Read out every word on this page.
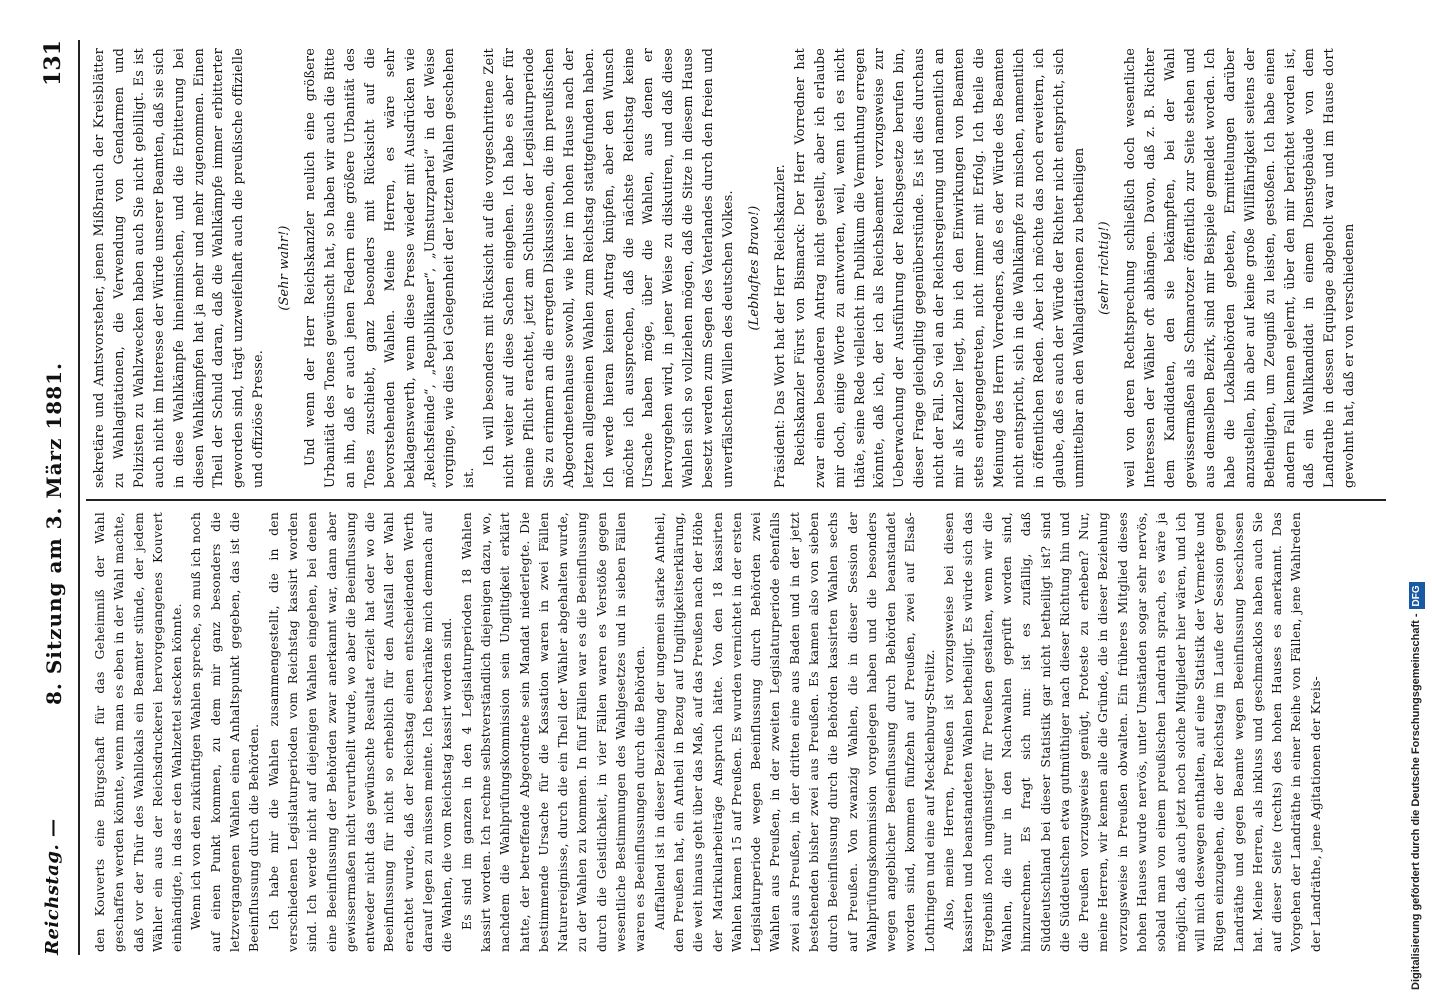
Reichstag. —
8. Sitzung am 3. März 1881.
131

den Kouverts eine Bürgschaft für das Geheimniß der Wahl geschaffen werden könnte, wenn man es eben in der Wahl machte, daß vor der Thür des Wahllokals ein Beamter stünde, der jedem Wähler ein aus der Reichsdruckerei hervorgegangenes Kouvert einhändigte, in das er den Wahlzettel stecken könnte. Wenn ich von den zukünftigen Wahlen spreche, so muß ich noch auf einen Punkt kommen, zu dem mir ganz besonders die letzvergangenen Wahlen einen Anhaltspunkt gegeben, das ist die Beeinflussung durch die Behörden. Ich habe mir die Wahlen zusammengestellt, die in den verschiedenen Legislaturperioden vom Reichstag kassirt worden sind. Ich werde nicht auf diejenigen Wahlen eingehen, bei denen eine Beeinflussung der Behörden zwar anerkannt war, dann aber gewissermaßen nicht verurtheilt wurde, wo aber die Beeinflussung entweder nicht das gewünschte Resultat erzielt hat oder wo die Beeinflussung für nicht so erheblich für den Ausfall der Wahl erachtet wurde, daß der Reichstag einen entscheidenden Werth darauf legen zu müssen meinte. Ich beschränke mich demnach auf die Wahlen, die vom Reichstag kassirt worden sind. Es sind im ganzen in den 4 Legislaturperioden 18 Wahlen kassirt worden. Ich rechne selbstverständlich diejenigen dazu, wo, nachdem die Wahlprüfungskommission sein Ungiltigkeit erklärt hatte, der betreffende Abgeordnete sein Mandat niederlegte. Die bestimmende Ursache für die Kassation waren in zwei Fällen Naturereignisse, durch die ein Theil der Wähler abgehalten wurde, zu der Wahlen zu kommen. In fünf Fällen war es die Beeinflussung durch die Geistlichkeit, in vier Fällen waren es Verstöße gegen wesentliche Bestimmungen des Wahlgesetzes und in sieben Fällen waren es Beeinflussungen durch die Behörden. Auffallend ist in dieser Beziehung der ungemein starke Antheil, den Preußen hat, ein Antheil in Bezug auf Ungiltigkeitserklärung, die weit hinaus geht über das Maß, auf das Preußen nach der Höhe der Matrikularbeiträge Anspruch hätte. Von den 18 kassirten Wahlen kamen 15 auf Preußen. Es wurden vernichtet in der ersten Legislaturperiode wegen Beeinflussung durch Behörden zwei Wahlen aus Preußen, in der zweiten Legislaturperiode ebenfalls zwei aus Preußen, in der dritten eine aus Baden und in der jetzt bestehenden bisher zwei aus Preußen. Es kamen also von sieben durch Beeinflussung durch die Behörden kassirten Wahlen sechs auf Preußen. Von zwanzig Wahlen, die in dieser Session der Wahlprüfungskommission vorgelegen haben und die besonders wegen angeblicher Beeinflussung durch Behörden beanstandet worden sind, kommen fünfzehn auf Preußen, zwei auf Elsaß-Lothringen und eine auf Mecklenburg-Strelitz. Also, meine Herren, Preußen ist vorzugsweise bei diesen kassirten und beanstandeten Wahlen betheiligt. Es würde sich das Ergebniß noch ungünstiger für Preußen gestalten, wenn wir die Wahlen, die nur in den Nachwahlen geprüft worden sind, hinzurechnen. Es fragt sich nun: ist es zufällig, daß Süddeutschland bei dieser Statistik gar nicht betheiligt ist? sind die Süddeutschen etwa gutmüthiger nach dieser Richtung hin und die Preußen vorzugsweise genügt, Proteste zu erheben? Nur, meine Herren, wir kennen alle die Gründe, die in dieser Beziehung vorzugsweise in Preußen obwalten. Ein früheres Mitglied dieses hohen Hauses wurde nervös, unter Umständen sogar sehr nervös, sobald man von einem preußischen Landrath sprach, es wäre ja möglich, daß auch jetzt noch solche Mitglieder hier wären, und ich will mich deswegen enthalten, auf eine Statistik der Vermerke und Rügen einzugehen, die der Reichstag im Laufe der Session gegen Landräthe und gegen Beamte wegen Beeinflussung beschlossen hat. Meine Herren, als inkluss und geschmacklos haben auch Sie auf dieser Seite (rechts) des hohen Hauses es anerkannt. Das Vorgehen der Landräthe in einer Reihe von Fällen, jene Wahlreden der Landräthe, jene Agitationen der Kreis-

sekretäre und Amtsvorsteher, jenen Mißbrauch der Kreisblätter zu Wahlagitationen, die Verwendung von Gendarmen und Polizisten zu Wahlzwecken haben auch Sie nicht gebilligt. Es ist auch nicht im Interesse der Würde unserer Beamten, daß sie sich in diese Wahlkämpfe hineinmischen, und die Erbitterung bei diesen Wahlkämpfen hat ja mehr und mehr zugenommen. Einen Theil der Schuld daran, daß die Wahlkämpfe immer erbitterter geworden sind, trägt unzweifelhaft auch die preußische offizielle und offiziöse Presse.

(Sehr wahr!) Und wenn der Herr Reichskanzler neulich eine größere Urbanität des Tones gewünscht hat, so haben wir auch die Bitte an ihn, daß er auch jenen Federn eine größere Urbanität des Tones zuschiebt, ganz besonders mit Rücksicht auf die bevorstehenden Wahlen. Meine Herren, es wäre sehr beklagenswerth, wenn diese Presse wieder mit Ausdrücken wie „Reichsfeinde“, „Republikaner“, „Umsturzpartei“ in der Weise vorginge, wie dies bei Gelegenheit der letzten Wahlen geschehen ist.

Ich will besonders mit Rücksicht auf die vorgeschrittene Zeit nicht weiter auf diese Sachen eingehen. Ich habe es aber für meine Pflicht erachtet, jetzt am Schlusse der Legislaturperiode Sie zu erinnern an die erregten Diskussionen, die im preußischen Abgeordnetenhause sowohl, wie hier im hohen Hause nach der letzten allgemeinen Wahlen zum Reichstag stattgefunden haben. Ich werde hieran keinen Antrag knüpfen, aber den Wunsch möchte ich aussprechen, daß die nächste Reichstag keine Ursache haben möge, über die Wahlen, aus denen er hervorgehen wird, in jener Weise zu diskutiren, und daß diese Wahlen sich so vollziehen mögen, daß die Sitze in diesem Hause besetzt werden zum Segen des Vaterlandes durch den freien und unverfälschten Willen des deutschen Volkes. (Lebhaftes Bravo!) Präsident: Das Wort hat der Herr Reichskanzler. Reichskanzler Fürst von Bismarck: Der Herr Vorredner hat zwar einen besonderen Antrag nicht gestellt, aber ich erlaube mir doch, einige Worte zu antworten, weil, wenn ich es nicht thäte, seine Rede vielleicht im Publikum die Vermuthung erregen könnte, daß ich, der ich als Reichsbeamter vorzugsweise zur Ueberwachung der Ausführung der Reichsgesetze berufen bin, dieser Frage gleichgiltig gegenüberstünde. Es ist dies durchaus nicht der Fall. So viel an der Reichsregierung und namentlich an mir als Kanzler liegt, bin ich den Einwirkungen von Beamten stets entgegengetreten, nicht immer mit Erfolg. Ich theile die Meinung des Herrn Vorredners, daß es der Würde des Beamten nicht entspricht, sich in die Wahlkämpfe zu mischen, namentlich in öffentlichen Reden. Aber ich möchte das noch erweitern, ich glaube, daß es auch der Würde der Richter nicht entspricht, sich unmittelbar an den Wahlagitationen zu betheiligen (sehr richtig!) weil von deren Rechtsprechung schließlich doch wesentliche Interessen der Wähler oft abhängen. Davon, daß z. B. Richter dem Kandidaten, den sie bekämpften, bei der Wahl gewissermaßen als Schmarotzer öffentlich zur Seite stehen und aus demselben Bezirk, sind mir Beispiele gemeldet worden. Ich habe die Lokalbehörden gebeten, Ermittelungen darüber anzustellen, bin aber auf keine große Willfährigkeit seitens der Betheiligten, um Zeugniß zu leisten, gestoßen. Ich habe einen andern Fall kennen gelernt, über den mir berichtet worden ist, daß ein Wahlkandidat in einem Dienstgebäude von dem Landrathe in dessen Equipage abgeholt war und im Hause dort gewohnt hat, daß er von verschiedenen

Digitalisierung gefördert durch die Deutsche Forschungsgemeinschaft -DFG
